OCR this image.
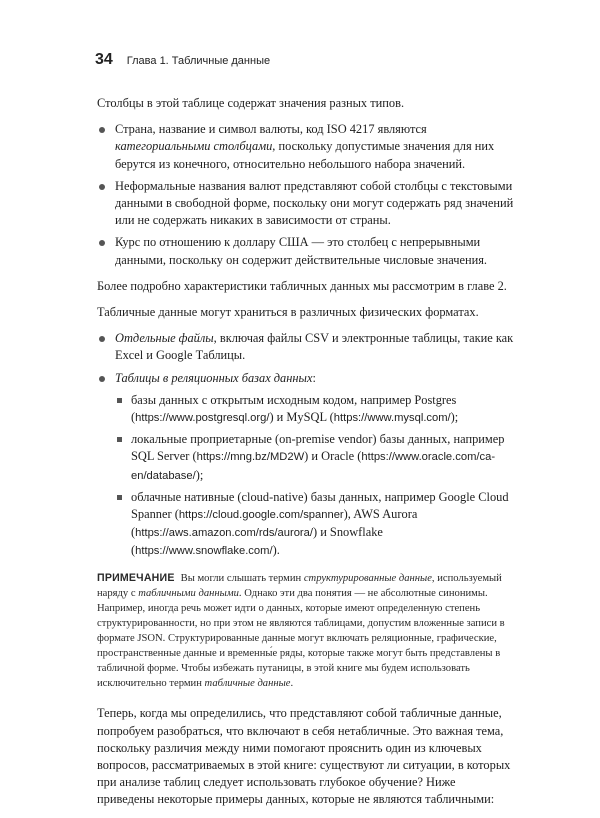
34 Глава 1. Табличные данные

Столбцы в этой таблице содержат значения разных типов.

Страна, название и символ валюты, код ISO 4217 являются категориальными столбцами, поскольку допустимые значения для них берутся из конечного, относительно небольшого набора значений.
Неформальные названия валют представляют собой столбцы с текстовыми данными в свободной форме, поскольку они могут содержать ряд значений или не содержать никаких в зависимости от страны.
Курс по отношению к доллару США — это столбец с непрерывными данными, поскольку он содержит действительные числовые значения.

Более подробно характеристики табличных данных мы рассмотрим в главе 2.

Табличные данные могут храниться в различных физических форматах.

Отдельные файлы, включая файлы CSV и электронные таблицы, такие как Excel и Google Таблицы.
Таблицы в реляционных базах данных:
базы данных с открытым исходным кодом, например Postgres (https://www.postgresql.org/) и MySQL (https://www.mysql.com/);
локальные проприетарные (on-premise vendor) базы данных, например SQL Server (https://mng.bz/MD2W) и Oracle (https://www.oracle.com/ca-en/database/);
облачные нативные (cloud-native) базы данных, например Google Cloud Spanner (https://cloud.google.com/spanner), AWS Aurora (https://aws.amazon.com/rds/aurora/) и Snowflake (https://www.snowflake.com/).

ПРИМЕЧАНИЕ Вы могли слышать термин структурированные данные, используемый наряду с табличными данными. Однако эти два понятия — не абсолютные синонимы. Например, иногда речь может идти о данных, которые имеют определенную степень структурированности, но при этом не являются таблицами, допустим вложенные записи в формате JSON. Структурированные данные могут включать реляционные, графические, пространственные данные и временны́е ряды, которые также могут быть представлены в табличной форме. Чтобы избежать путаницы, в этой книге мы будем использовать исключительно термин табличные данные.

Теперь, когда мы определились, что представляют собой табличные данные, попробуем разобраться, что включают в себя нетабличные. Это важная тема, поскольку различия между ними помогают прояснить один из ключевых вопросов, рассматриваемых в этой книге: существуют ли ситуации, в которых при анализе таблиц следует использовать глубокое обучение? Ниже приведены некоторые примеры данных, которые не являются табличными:
